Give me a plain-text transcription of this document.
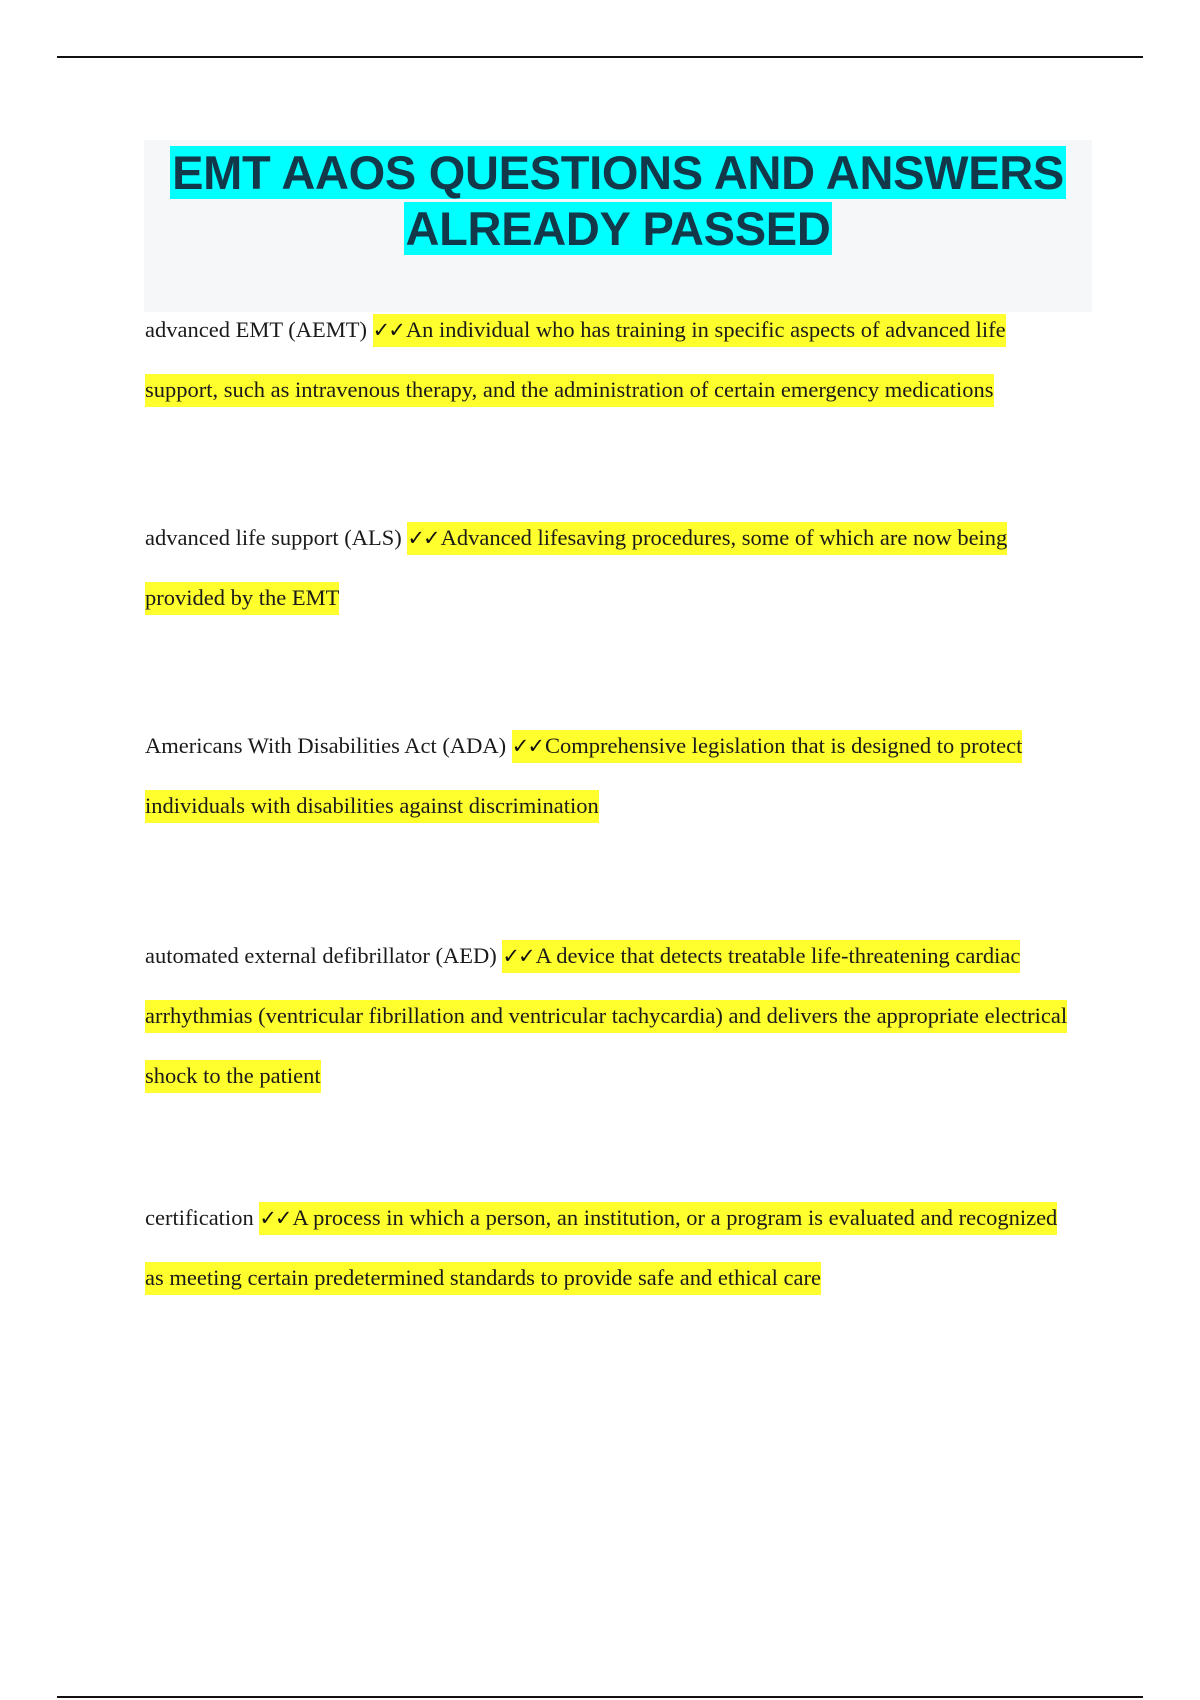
EMT AAOS QUESTIONS AND ANSWERS
ALREADY PASSED
advanced EMT (AEMT) ✓✓An individual who has training in specific aspects of advanced life support, such as intravenous therapy, and the administration of certain emergency medications
advanced life support (ALS) ✓✓Advanced lifesaving procedures, some of which are now being provided by the EMT
Americans With Disabilities Act (ADA) ✓✓Comprehensive legislation that is designed to protect individuals with disabilities against discrimination
automated external defibrillator (AED) ✓✓A device that detects treatable life-threatening cardiac arrhythmias (ventricular fibrillation and ventricular tachycardia) and delivers the appropriate electrical shock to the patient
certification ✓✓A process in which a person, an institution, or a program is evaluated and recognized as meeting certain predetermined standards to provide safe and ethical care
